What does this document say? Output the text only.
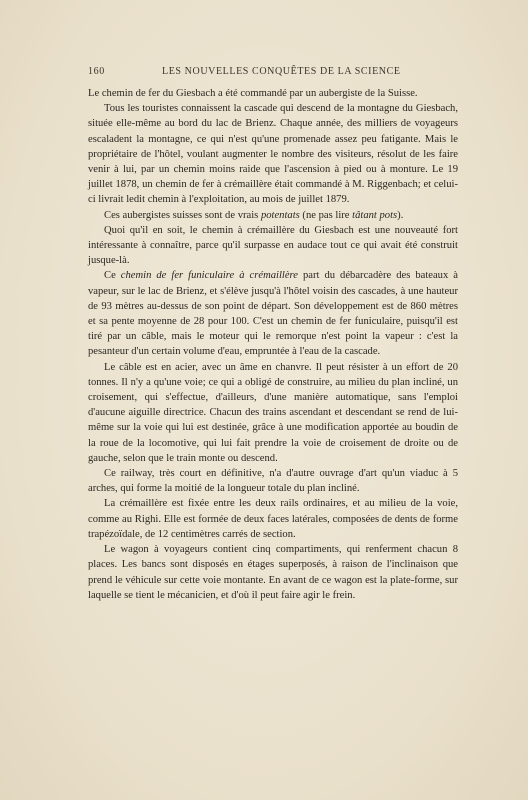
160	LES NOUVELLES CONQUÊTES DE LA SCIENCE

Le chemin de fer du Giesbach a été commandé par un aubergiste de la Suisse.

Tous les touristes connaissent la cascade qui descend de la montagne du Giesbach, située elle-même au bord du lac de Brienz. Chaque année, des milliers de voyageurs escaladent la montagne, ce qui n'est qu'une promenade assez peu fatigante. Mais le propriétaire de l'hôtel, voulant augmenter le nombre des visiteurs, résolut de les faire venir à lui, par un chemin moins raide que l'ascension à pied ou à monture. Le 19 juillet 1878, un chemin de fer à crémaillère était commandé à M. Riggenbach; et celui-ci livrait ledit chemin à l'exploitation, au mois de juillet 1879.

Ces aubergistes suisses sont de vrais potentats (ne pas lire tâtant pots).

Quoi qu'il en soit, le chemin à crémaillère du Giesbach est une nouveauté fort intéressante à connaître, parce qu'il surpasse en audace tout ce qui avait été construit jusque-là.

Ce chemin de fer funiculaire à crémaillère part du débarcadère des bateaux à vapeur, sur le lac de Brienz, et s'élève jusqu'à l'hôtel voisin des cascades, à une hauteur de 93 mètres au-dessus de son point de départ. Son développement est de 860 mètres et sa pente moyenne de 28 pour 100. C'est un chemin de fer funiculaire, puisqu'il est tiré par un câble, mais le moteur qui le remorque n'est point la vapeur : c'est la pesanteur d'un certain volume d'eau, empruntée à l'eau de la cascade.

Le câble est en acier, avec un âme en chanvre. Il peut résister à un effort de 20 tonnes. Il n'y a qu'une voie; ce qui a obligé de construire, au milieu du plan incliné, un croisement, qui s'effectue, d'ailleurs, d'une manière automatique, sans l'emploi d'aucune aiguille directrice. Chacun des trains ascendant et descendant se rend de lui-même sur la voie qui lui est destinée, grâce à une modification apportée au boudin de la roue de la locomotive, qui lui fait prendre la voie de croisement de droite ou de gauche, selon que le train monte ou descend.

Ce railway, très court en définitive, n'a d'autre ouvrage d'art qu'un viaduc à 5 arches, qui forme la moitié de la longueur totale du plan incliné.

La crémaillère est fixée entre les deux rails ordinaires, et au milieu de la voie, comme au Righi. Elle est formée de deux faces latérales, composées de dents de forme trapézoïdale, de 12 centimètres carrés de section.

Le wagon à voyageurs contient cinq compartiments, qui renferment chacun 8 places. Les bancs sont disposés en étages superposés, à raison de l'inclinaison que prend le véhicule sur cette voie montante. En avant de ce wagon est la plate-forme, sur laquelle se tient le mécanicien, et d'où il peut faire agir le frein.
